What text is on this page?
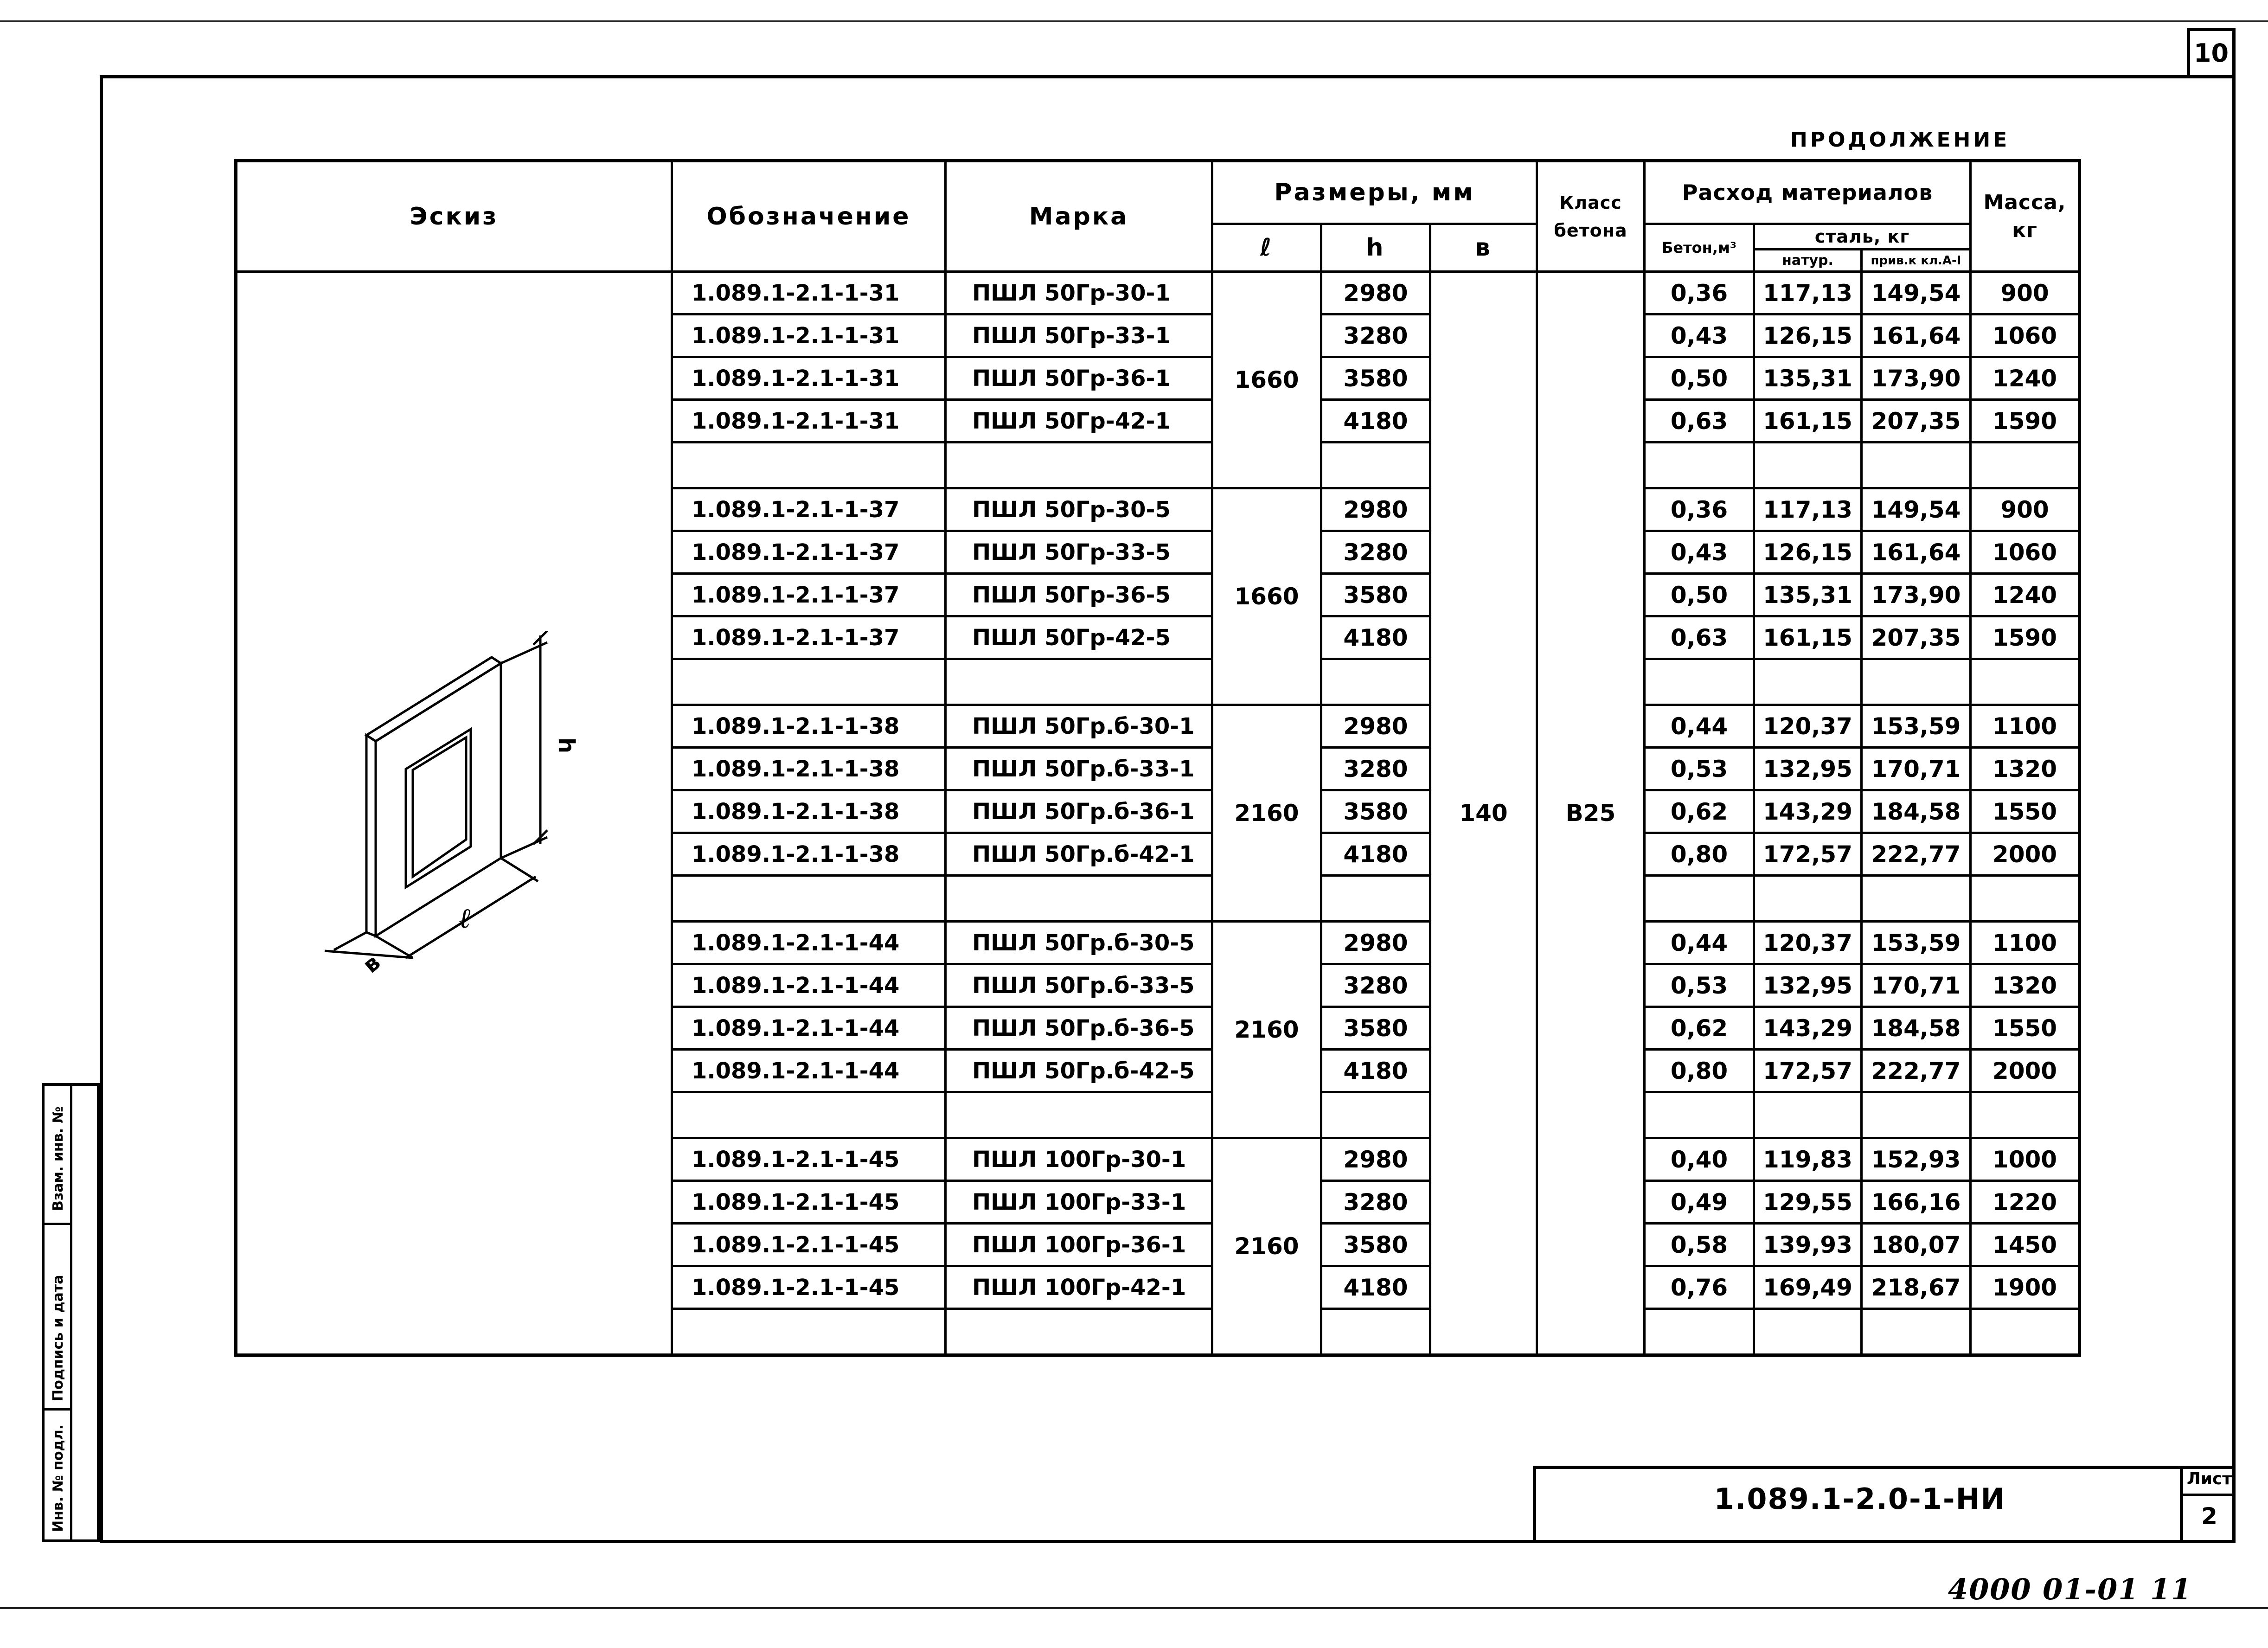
10
ПРОДОЛЖЕНИЕ
Эскиз	Обозначение	Марка	Размеры, мм			Класс бетона	Расход материалов			Масса, кг
			ℓ	h	в		Бетон,м³	сталь, кг		
								натур.	прив.к кл.А-I	
	1.089.1-2.1-1-31	ПШЛ 50Гр-30-1	1660	2980	140	В25	0,36	117,13	149,54	900
	1.089.1-2.1-1-31	ПШЛ 50Гр-33-1		3280			0,43	126,15	161,64	1060
	1.089.1-2.1-1-31	ПШЛ 50Гр-36-1		3580			0,50	135,31	173,90	1240
	1.089.1-2.1-1-31	ПШЛ 50Гр-42-1		4180			0,63	161,15	207,35	1590

	1.089.1-2.1-1-37	ПШЛ 50Гр-30-5	1660	2980			0,36	117,13	149,54	900
	1.089.1-2.1-1-37	ПШЛ 50Гр-33-5		3280			0,43	126,15	161,64	1060
	1.089.1-2.1-1-37	ПШЛ 50Гр-36-5		3580			0,50	135,31	173,90	1240
	1.089.1-2.1-1-37	ПШЛ 50Гр-42-5		4180			0,63	161,15	207,35	1590

	1.089.1-2.1-1-38	ПШЛ 50Гр.б-30-1	2160	2980			0,44	120,37	153,59	1100
	1.089.1-2.1-1-38	ПШЛ 50Гр.б-33-1		3280			0,53	132,95	170,71	1320
	1.089.1-2.1-1-38	ПШЛ 50Гр.б-36-1		3580			0,62	143,29	184,58	1550
	1.089.1-2.1-1-38	ПШЛ 50Гр.б-42-1		4180			0,80	172,57	222,77	2000

	1.089.1-2.1-1-44	ПШЛ 50Гр.б-30-5	2160	2980			0,44	120,37	153,59	1100
	1.089.1-2.1-1-44	ПШЛ 50Гр.б-33-5		3280			0,53	132,95	170,71	1320
	1.089.1-2.1-1-44	ПШЛ 50Гр.б-36-5		3580			0,62	143,29	184,58	1550
	1.089.1-2.1-1-44	ПШЛ 50Гр.б-42-5		4180			0,80	172,57	222,77	2000

	1.089.1-2.1-1-45	ПШЛ 100Гр-30-1	2160	2980			0,40	119,83	152,93	1000
	1.089.1-2.1-1-45	ПШЛ 100Гр-33-1		3280			0,49	129,55	166,16	1220
	1.089.1-2.1-1-45	ПШЛ 100Гр-36-1		3580			0,58	139,93	180,07	1450
	1.089.1-2.1-1-45	ПШЛ 100Гр-42-1		4180			0,76	169,49	218,67	1900

h
ℓ
в
Взам. инв. №
Подпись и дата
Инв. № подл.	1.089.1-2.0-1-НИ
Лист
2
4000 01-01 11
